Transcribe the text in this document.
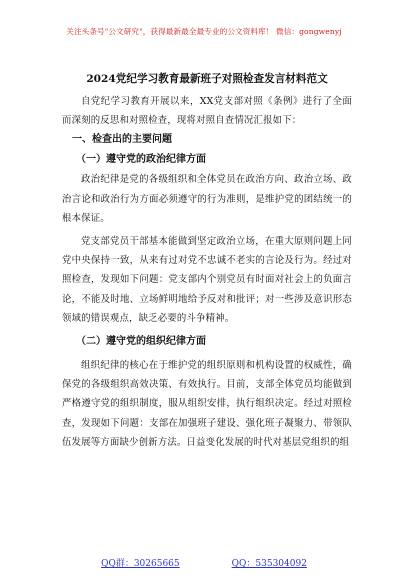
关注头条号"公文研究"，获得最新最全最专业的公文资料库！ 微信：gongwenyj

2024党纪学习教育最新班子对照检查发言材料范文

自党纪学习教育开展以来，XX党支部对照《条例》进行了全面而深刻的反思和对照检查，现将对照自查情况汇报如下：

一、检查出的主要问题

（一）遵守党的政治纪律方面

政治纪律是党的各级组织和全体党员在政治方向、政治立场、政治言论和政治行为方面必须遵守的行为准则，是维护党的团结统一的根本保证。

党支部党员干部基本能做到坚定政治立场，在重大原则问题上同党中央保持一致，从来有过对党不忠诚不老实的言论及行为。经过对照检查，发现如下问题：党支部内个别党员有时面对社会上的负面言论，不能及时地、立场鲜明地给予反对和批评；对一些涉及意识形态领域的错误观点，缺乏必要的斗争精神。

（二）遵守党的组织纪律方面

组织纪律的核心在于维护党的组织原则和机构设置的权威性，确保党的各级组织高效决策、有效执行。目前，支部全体党员均能做到严格遵守党的组织制度，服从组织安排，执行组织决定。经过对照检查，发现如下问题：支部在加强班子建设、强化班子凝聚力、带领队伍发展等方面缺少创新方法。日益变化发展的时代对基层党组织的组

QQ群：30265665	QQ：535304092
